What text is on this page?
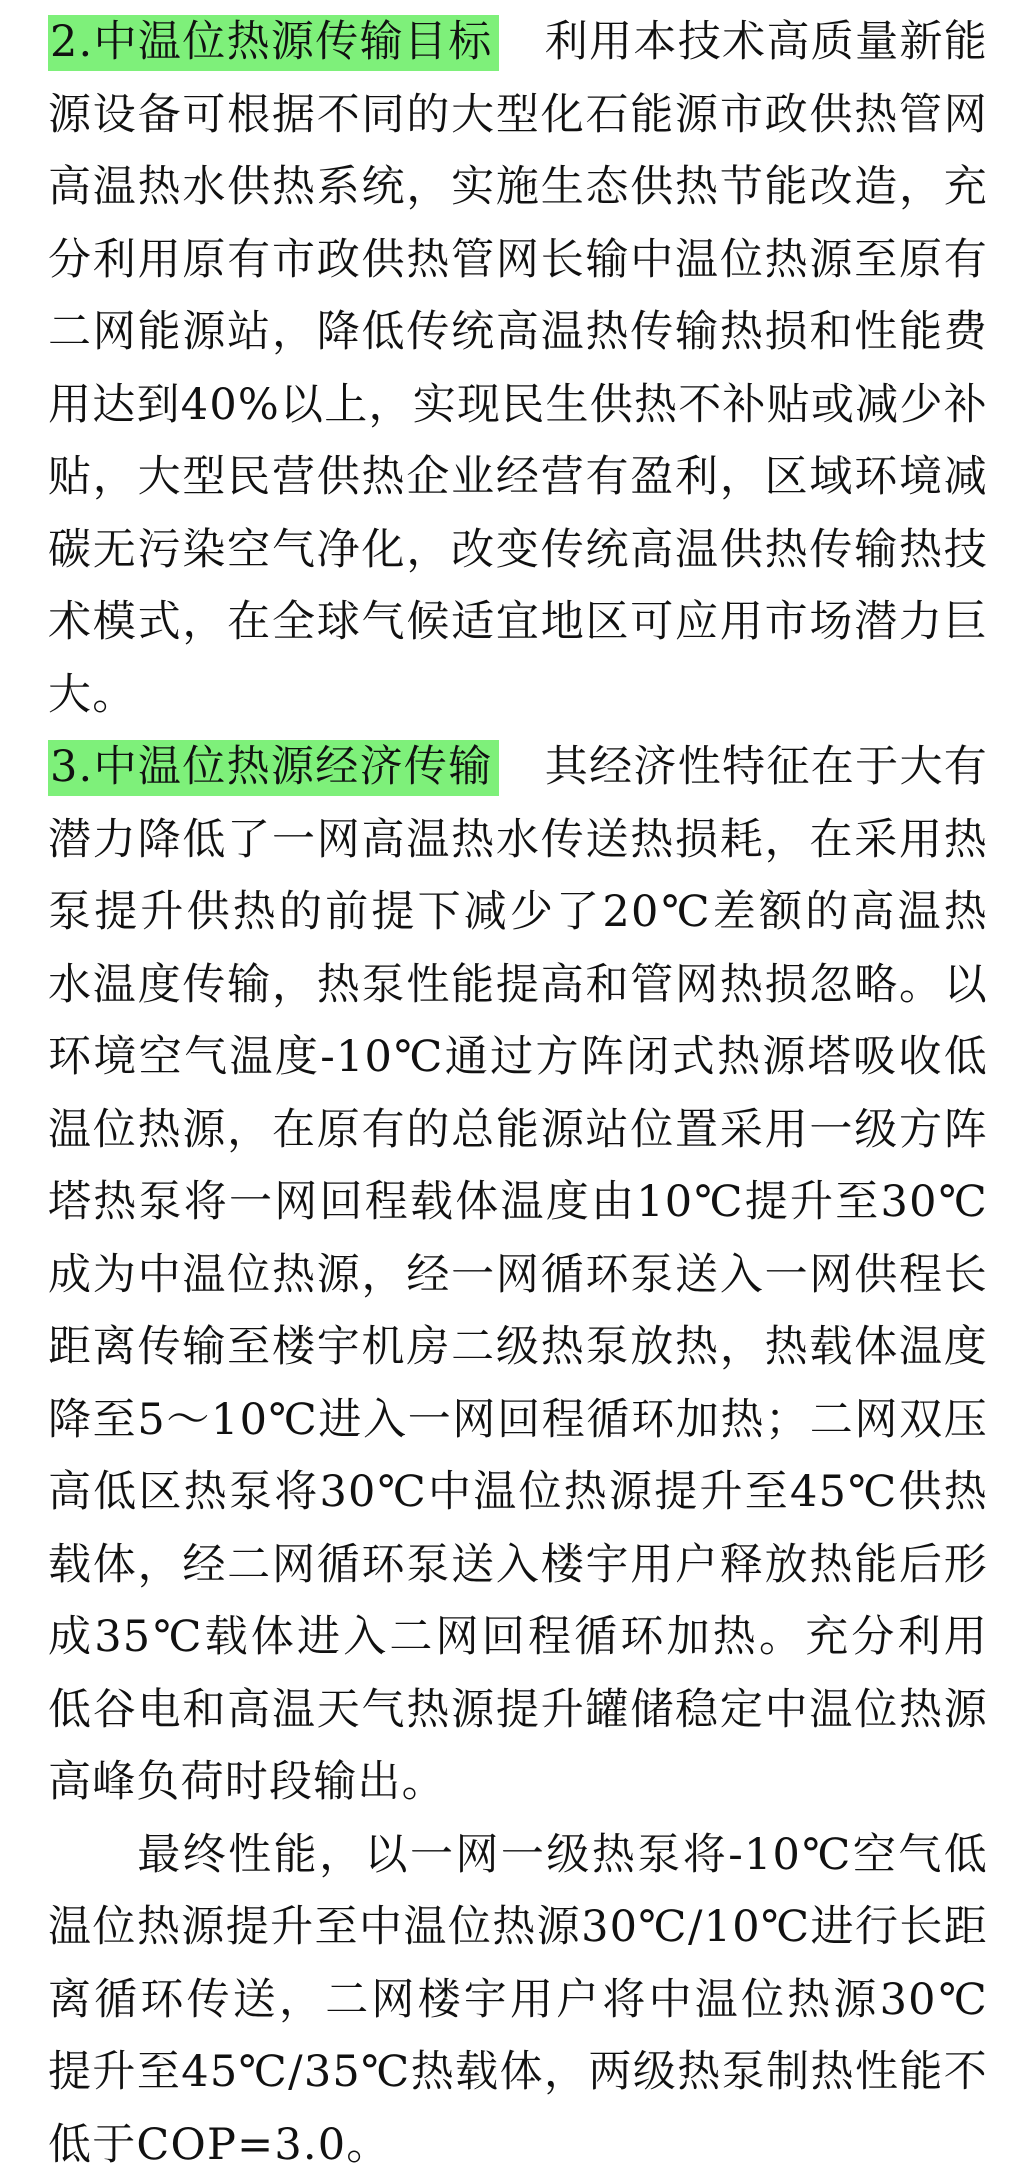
2.中温位热源传输目标 利用本技术高质量新能源设备可根据不同的大型化石能源市政供热管网高温热水供热系统，实施生态供热节能改造，充分利用原有市政供热管网长输中温位热源至原有二网能源站，降低传统高温热传输热损和性能费用达到40%以上，实现民生供热不补贴或减少补贴，大型民营供热企业经营有盈利，区域环境减碳无污染空气净化，改变传统高温供热传输热技术模式，在全球气候适宜地区可应用市场潜力巨大。

3.中温位热源经济传输 其经济性特征在于大有潜力降低了一网高温热水传送热损耗，在采用热泵提升供热的前提下减少了20℃差额的高温热水温度传输，热泵性能提高和管网热损忽略。以环境空气温度-10℃通过方阵闭式热源塔吸收低温位热源，在原有的总能源站位置采用一级方阵塔热泵将一网回程载体温度由10℃提升至30℃成为中温位热源，经一网循环泵送入一网供程长距离传输至楼宇机房二级热泵放热，热载体温度降至5～10℃进入一网回程循环加热；二网双压高低区热泵将30℃中温位热源提升至45℃供热载体，经二网循环泵送入楼宇用户释放热能后形成35℃载体进入二网回程循环加热。充分利用低谷电和高温天气热源提升罐储稳定中温位热源高峰负荷时段输出。

最终性能，以一网一级热泵将-10℃空气低温位热源提升至中温位热源30℃/10℃进行长距离循环传送，二网楼宇用户将中温位热源30℃提升至45℃/35℃热载体，两级热泵制热性能不低于COP=3.0。
